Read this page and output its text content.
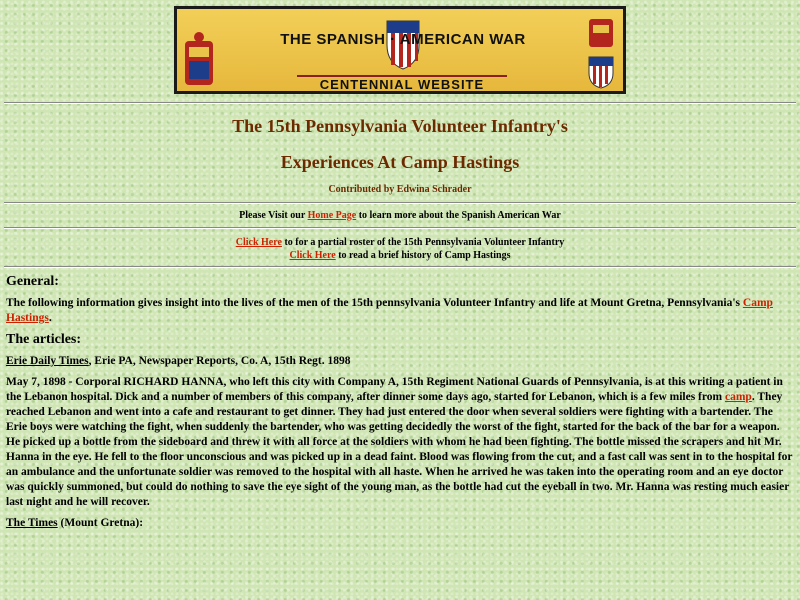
THE SPANISH · AMERICAN WAR
CENTENNIAL WEBSITE
The 15th Pennsylvania Volunteer Infantry's
Experiences At Camp Hastings
Contributed by Edwina Schrader
Please Visit our Home Page to learn more about the Spanish American War
Click Here to for a partial roster of the 15th Pennsylvania Volunteer Infantry
Click Here to read a brief history of Camp Hastings
General:
The following information gives insight into the lives of the men of the 15th pennsylvania Volunteer Infantry and life at Mount Gretna, Pennsylvania's Camp Hastings.
The articles:
Erie Daily Times, Erie PA, Newspaper Reports, Co. A, 15th Regt. 1898
May 7, 1898 - Corporal RICHARD HANNA, who left this city with Company A, 15th Regiment National Guards of Pennsylvania, is at this writing a patient in the Lebanon hospital. Dick and a number of members of this company, after dinner some days ago, started for Lebanon, which is a few miles from camp. They reached Lebanon and went into a cafe and restaurant to get dinner. They had just entered the door when several soldiers were fighting with a bartender. The Erie boys were watching the fight, when suddenly the bartender, who was getting decidedly the worst of the fight, started for the back of the bar for a weapon. He picked up a bottle from the sideboard and threw it with all force at the soldiers with whom he had been fighting. The bottle missed the scrapers and hit Mr. Hanna in the eye. He fell to the floor unconscious and was picked up in a dead faint. Blood was flowing from the cut, and a fast call was sent in to the hospital for an ambulance and the unfortunate soldier was removed to the hospital with all haste. When he arrived he was taken into the operating room and an eye doctor was quickly summoned, but could do nothing to save the eye sight of the young man, as the bottle had cut the eyeball in two. Mr. Hanna was resting much easier last night and he will recover.
The Times (Mount Gretna):
